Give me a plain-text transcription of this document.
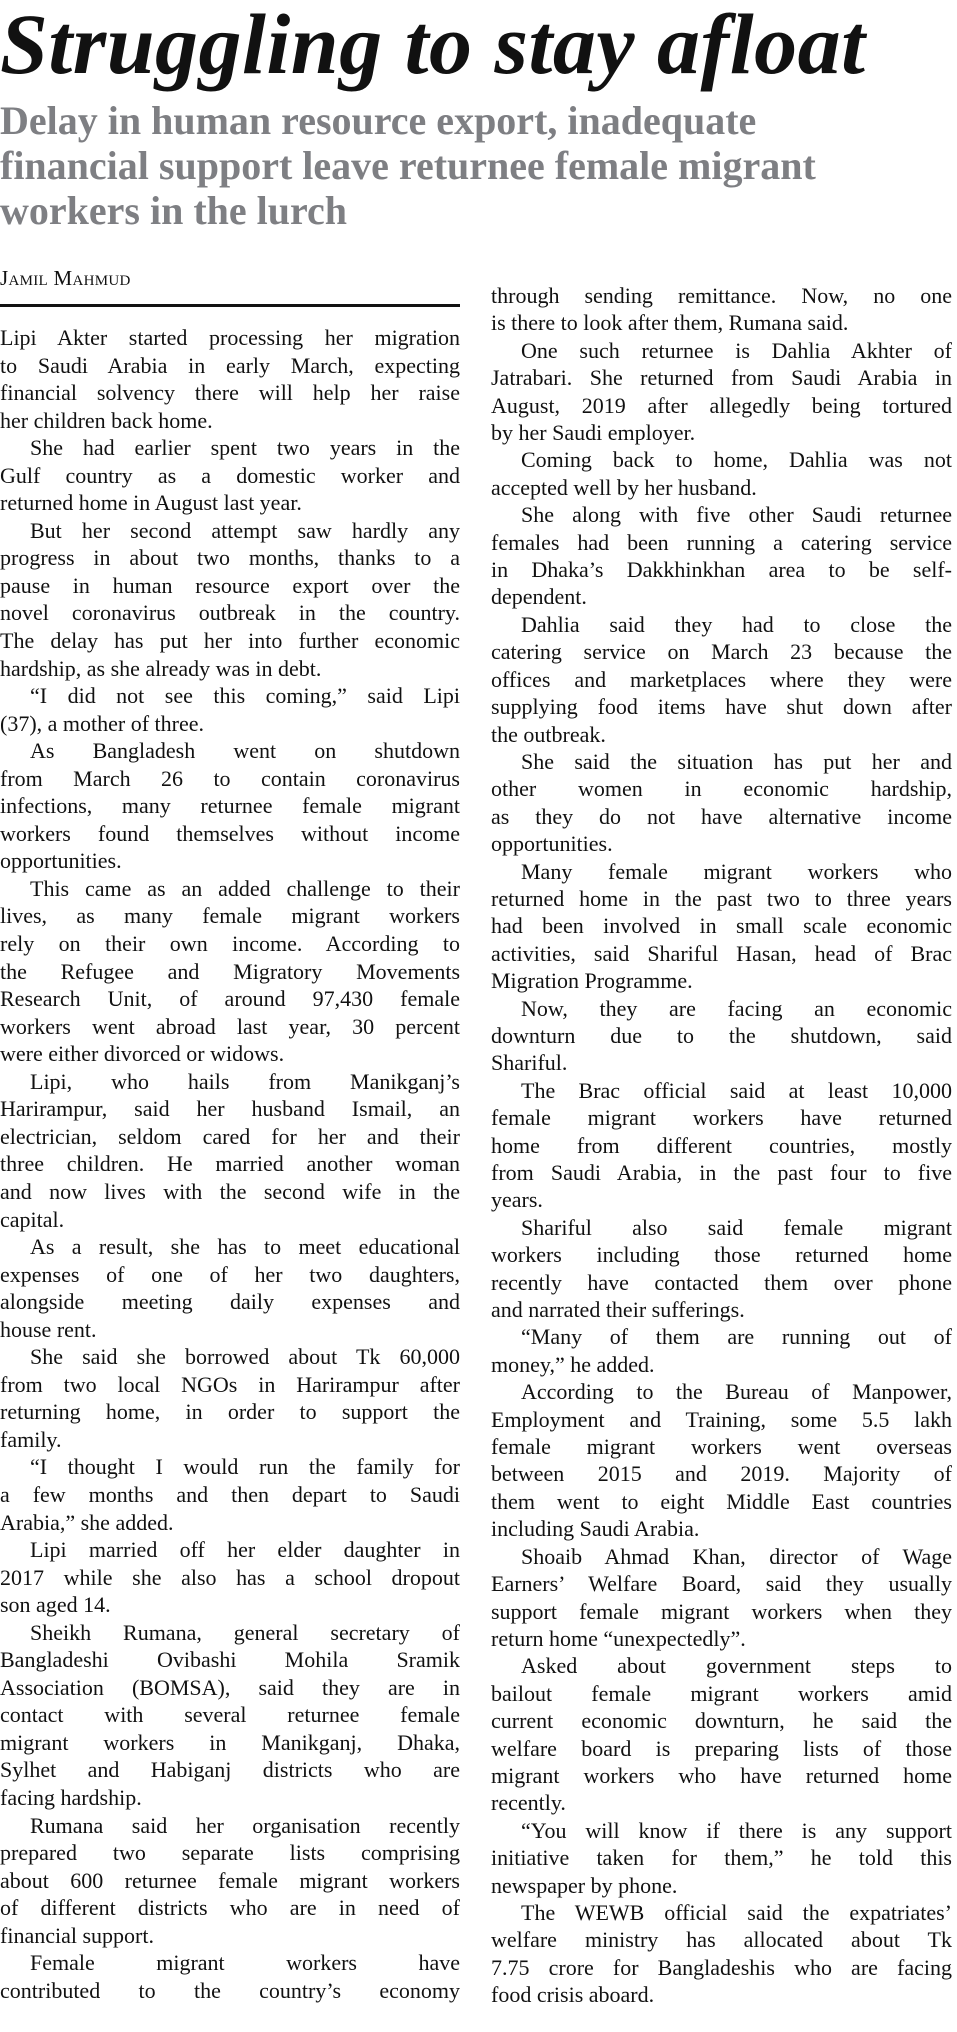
Struggling to stay afloat
Delay in human resource export, inadequate
financial support leave returnee female migrant
workers in the lurch
Jamil Mahmud
Lipi Akter started processing her migration
to Saudi Arabia in early March, expecting
financial solvency there will help her raise
her children back home.
She had earlier spent two years in the
Gulf country as a domestic worker and
returned home in August last year.
But her second attempt saw hardly any
progress in about two months, thanks to a
pause in human resource export over the
novel coronavirus outbreak in the country.
The delay has put her into further economic
hardship, as she already was in debt.
“I did not see this coming,” said Lipi
(37), a mother of three.
As Bangladesh went on shutdown
from March 26 to contain coronavirus
infections, many returnee female migrant
workers found themselves without income
opportunities.
This came as an added challenge to their
lives, as many female migrant workers
rely on their own income. According to
the Refugee and Migratory Movements
Research Unit, of around 97,430 female
workers went abroad last year, 30 percent
were either divorced or widows.
Lipi, who hails from Manikganj’s
Harirampur, said her husband Ismail, an
electrician, seldom cared for her and their
three children. He married another woman
and now lives with the second wife in the
capital.
As a result, she has to meet educational
expenses of one of her two daughters,
alongside meeting daily expenses and
house rent.
She said she borrowed about Tk 60,000
from two local NGOs in Harirampur after
returning home, in order to support the
family.
“I thought I would run the family for
a few months and then depart to Saudi
Arabia,” she added.
Lipi married off her elder daughter in
2017 while she also has a school dropout
son aged 14.
Sheikh Rumana, general secretary of
Bangladeshi Ovibashi Mohila Sramik
Association (BOMSA), said they are in
contact with several returnee female
migrant workers in Manikganj, Dhaka,
Sylhet and Habiganj districts who are
facing hardship.
Rumana said her organisation recently
prepared two separate lists comprising
about 600 returnee female migrant workers
of different districts who are in need of
financial support.
Female migrant workers have
contributed to the country’s economy
through sending remittance. Now, no one
is there to look after them, Rumana said.
One such returnee is Dahlia Akhter of
Jatrabari. She returned from Saudi Arabia in
August, 2019 after allegedly being tortured
by her Saudi employer.
Coming back to home, Dahlia was not
accepted well by her husband.
She along with five other Saudi returnee
females had been running a catering service
in Dhaka’s Dakkhinkhan area to be self-
dependent.
Dahlia said they had to close the
catering service on March 23 because the
offices and marketplaces where they were
supplying food items have shut down after
the outbreak.
She said the situation has put her and
other women in economic hardship,
as they do not have alternative income
opportunities.
Many female migrant workers who
returned home in the past two to three years
had been involved in small scale economic
activities, said Shariful Hasan, head of Brac
Migration Programme.
Now, they are facing an economic
downturn due to the shutdown, said
Shariful.
The Brac official said at least 10,000
female migrant workers have returned
home from different countries, mostly
from Saudi Arabia, in the past four to five
years.
Shariful also said female migrant
workers including those returned home
recently have contacted them over phone
and narrated their sufferings.
“Many of them are running out of
money,” he added.
According to the Bureau of Manpower,
Employment and Training, some 5.5 lakh
female migrant workers went overseas
between 2015 and 2019. Majority of
them went to eight Middle East countries
including Saudi Arabia.
Shoaib Ahmad Khan, director of Wage
Earners’ Welfare Board, said they usually
support female migrant workers when they
return home “unexpectedly”.
Asked about government steps to
bailout female migrant workers amid
current economic downturn, he said the
welfare board is preparing lists of those
migrant workers who have returned home
recently.
“You will know if there is any support
initiative taken for them,” he told this
newspaper by phone.
The WEWB official said the expatriates’
welfare ministry has allocated about Tk
7.75 crore for Bangladeshis who are facing
food crisis aboard.
